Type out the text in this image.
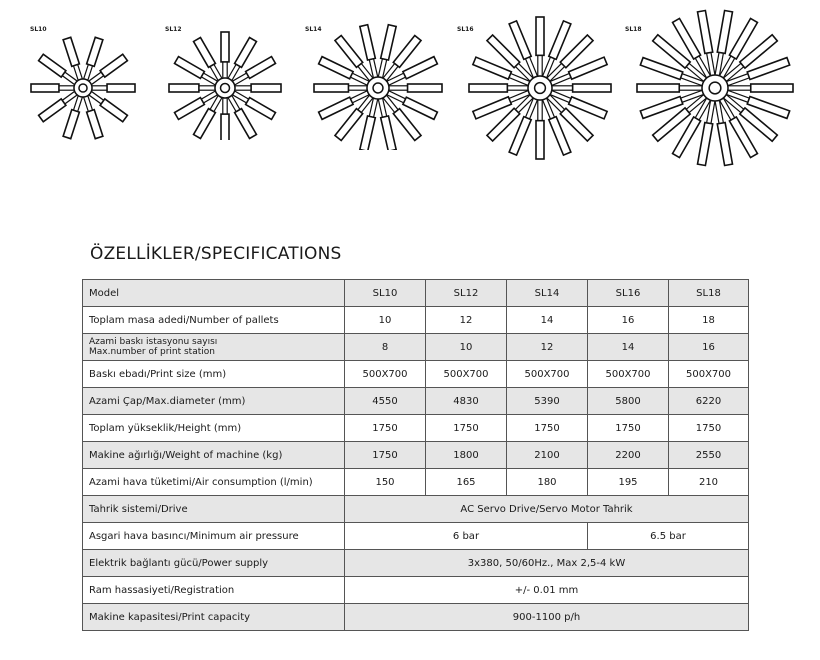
SL10	SL12	SL14	SL16	SL18
ÖZELLİKLER/SPECIFICATIONS
Model	SL10	SL12	SL14	SL16	SL18
Toplam masa adedi/Number of pallets	10	12	14	16	18

Azami baskı istasyonu sayısı
Max.number of print station	8	10	12	14	16
Baskı ebadı/Print size (mm)	500X700	500X700	500X700	500X700	500X700
Azami Çap/Max.diameter (mm)	4550	4830	5390	5800	6220
Toplam yükseklik/Height (mm)	1750	1750	1750	1750	1750
Makine ağırlığı/Weight of machine (kg)	1750	1800	2100	2200	2550
Azami hava tüketimi/Air consumption (l/min)	150	165	180	195	210
Tahrik sistemi/Drive	AC Servo Drive/Servo Motor Tahrik				
Asgari hava basıncı/Minimum air pressure	6 bar			6.5 bar	
Elektrik bağlantı gücü/Power supply	3x380, 50/60Hz., Max 2,5-4 kW				
Ram hassasiyeti/Registration	+/- 0.01 mm				
Makine kapasitesi/Print capacity	900-1100 p/h				
